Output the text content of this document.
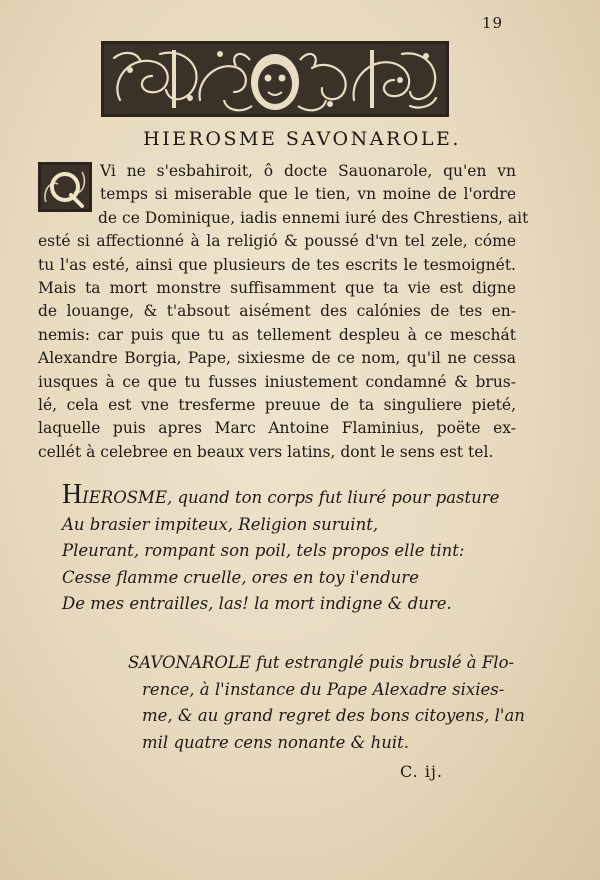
19
HIEROSME SAVONAROLE.
Vi ne s'esbahiroit, ô docte Sauonarole, qu'en vn
temps si miserable que le tien, vn moine de l'ordre
de ce Dominique, iadis ennemi iuré des Chrestiens, ait
esté si affectionné à la religió & poussé d'vn tel zele, cóme
tu l'as esté, ainsi que plusieurs de tes escrits le tesmoignét.
Mais ta mort monstre suffisamment que ta vie est digne
de louange, & t'absout aisément des calónies de tes en-
nemis: car puis que tu as tellement despleu à ce meschát
Alexandre Borgia, Pape, sixiesme de ce nom, qu'il ne cessa
iusques à ce que tu fusses iniustement condamné & brus-
lé, cela est vne tresferme preuue de ta singuliere pieté,
laquelle puis apres Marc Antoine Flaminius, poëte ex-
cellét à celebree en beaux vers latins, dont le sens est tel.
HIEROSME, quand ton corps fut liuré pour pasture
Au brasier impiteux, Religion suruint,
Pleurant, rompant son poil, tels propos elle tint:
Cesse flamme cruelle, ores en toy i'endure
De mes entrailles, las! la mort indigne & dure.
SAVONAROLE fut estranglé puis bruslé à Flo-
rence, à l'instance du Pape Alexadre sixies-
me, & au grand regret des bons citoyens, l'an
mil quatre cens nonante & huit.
C. ij.
